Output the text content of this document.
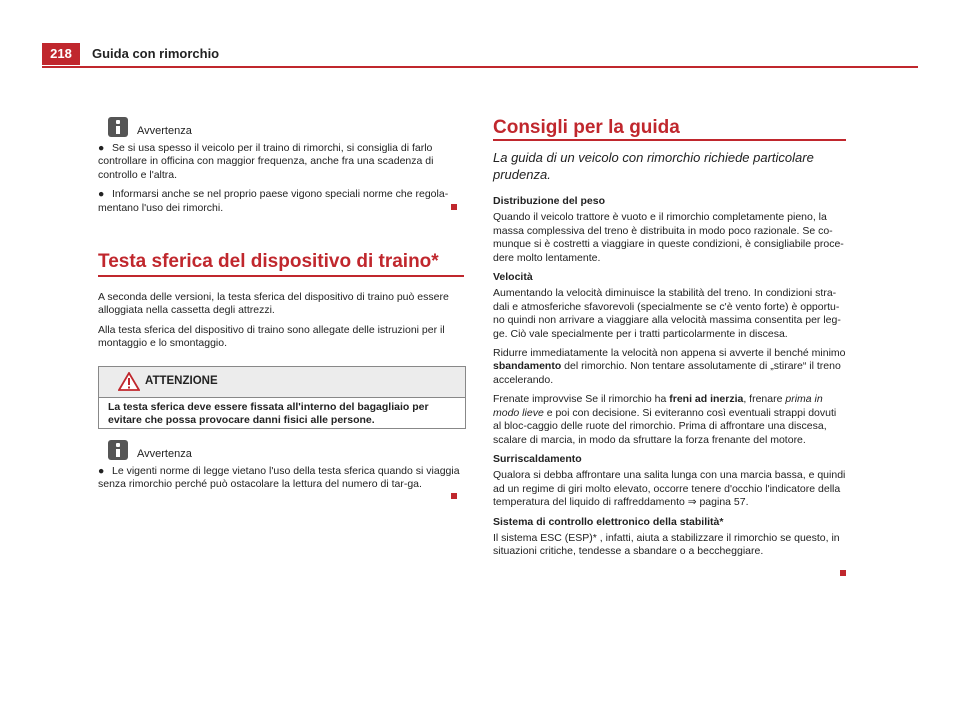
218	Guida con rimorchio
Avvertenza

● Se si usa spesso il veicolo per il traino di rimorchi, si consiglia di farlo controllare in officina con maggior frequenza, anche fra una scadenza di controllo e l'altra.

● Informarsi anche se nel proprio paese vigono speciali norme che regola-mentano l'uso dei rimorchi.

Testa sferica del dispositivo di traino*

A seconda delle versioni, la testa sferica del dispositivo di traino può essere alloggiata nella cassetta degli attrezzi.

Alla testa sferica del dispositivo di traino sono allegate delle istruzioni per il montaggio e lo smontaggio.

ATTENZIONE
La testa sferica deve essere fissata all'interno del bagagliaio per evitare che possa provocare danni fisici alle persone.
Avvertenza

● Le vigenti norme di legge vietano l'uso della testa sferica quando si viaggia senza rimorchio perché può ostacolare la lettura del numero di tar-ga.

Consigli per la guida
La guida di un veicolo con rimorchio richiede particolare prudenza.

Distribuzione del peso

Quando il veicolo trattore è vuoto e il rimorchio completamente pieno, la massa complessiva del treno è distribuita in modo poco razionale. Se co-munque si è costretti a viaggiare in queste condizioni, è consigliabile proce-dere molto lentamente.

Velocità

Aumentando la velocità diminuisce la stabilità del treno. In condizioni stra-dali e atmosferiche sfavorevoli (specialmente se c'è vento forte) è opportu-no quindi non arrivare a viaggiare alla velocità massima consentita per leg-ge. Ciò vale specialmente per i tratti particolarmente in discesa.

Ridurre immediatamente la velocità non appena si avverte il benché minimo sbandamento del rimorchio. Non tentare assolutamente di „stirare“ il treno accelerando.

Frenate improvvise Se il rimorchio ha freni ad inerzia, frenare prima in modo lieve e poi con decisione. Si eviteranno così eventuali strappi dovuti al bloc-caggio delle ruote del rimorchio. Prima di affrontare una discesa, scalare di marcia, in modo da sfruttare la forza frenante del motore.

Surriscaldamento

Qualora si debba affrontare una salita lunga con una marcia bassa, e quindi ad un regime di giri molto elevato, occorre tenere d'occhio l'indicatore della temperatura del liquido di raffreddamento ⇒ pagina 57.

Sistema di controllo elettronico della stabilità*

Il sistema ESC (ESP)* , infatti, aiuta a stabilizzare il rimorchio se questo, in situazioni critiche, tendesse a sbandare o a beccheggiare.
